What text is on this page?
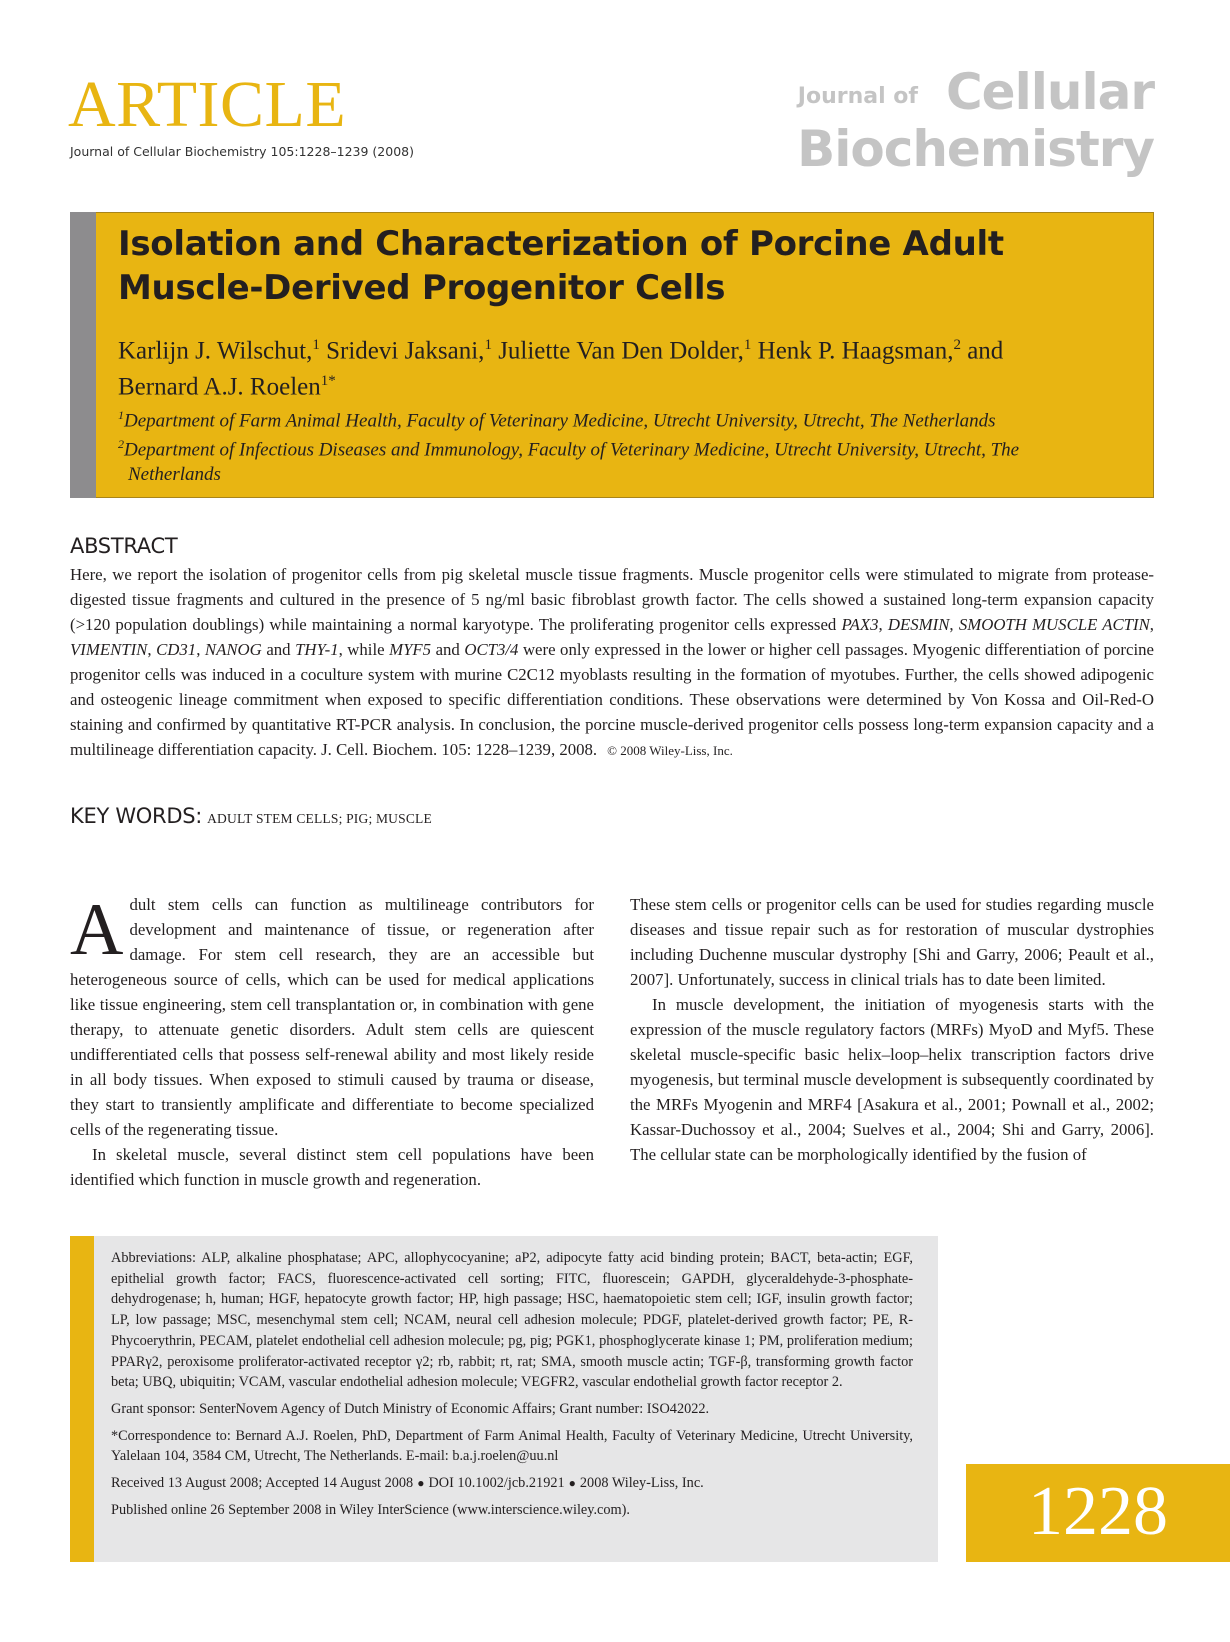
ARTICLE
Journal of Cellular Biochemistry 105:1228–1239 (2008)
Journal of Cellular
Biochemistry
Isolation and Characterization of Porcine Adult
Muscle-Derived Progenitor Cells
Karlijn J. Wilschut,$^1$ Sridevi Jaksani,$^1$ Juliette Van Den Dolder,$^1$ Henk P. Haagsman,$^2$ and
Bernard A.J. Roelen$^{1*}$
$^1$Department of Farm Animal Health, Faculty of Veterinary Medicine, Utrecht University, Utrecht, The Netherlands
$^2$Department of Infectious Diseases and Immunology, Faculty of Veterinary Medicine, Utrecht University, Utrecht, The
Netherlands
ABSTRACT
Here, we report the isolation of progenitor cells from pig skeletal muscle tissue fragments. Muscle progenitor cells were stimulated to migrate from protease-digested tissue fragments and cultured in the presence of 5 ng/ml basic fibroblast growth factor. The cells showed a sustained long-term expansion capacity (>120 population doublings) while maintaining a normal karyotype. The proliferating progenitor cells expressed PAX3, DESMIN, SMOOTH MUSCLE ACTIN, VIMENTIN, CD31, NANOG and THY-1, while MYF5 and OCT3/4 were only expressed in the lower or higher cell passages. Myogenic differentiation of porcine progenitor cells was induced in a coculture system with murine C2C12 myoblasts resulting in the formation of myotubes. Further, the cells showed adipogenic and osteogenic lineage commitment when exposed to specific differentiation conditions. These observations were determined by Von Kossa and Oil-Red-O staining and confirmed by quantitative RT-PCR analysis. In conclusion, the porcine muscle-derived progenitor cells possess long-term expansion capacity and a multilineage differentiation capacity. J. Cell. Biochem. 105: 1228–1239, 2008. © 2008 Wiley-Liss, Inc.
KEY WORDS: ADULT STEM CELLS; PIG; MUSCLE

Adult stem cells can function as multilineage contributors for development and maintenance of tissue, or regeneration after damage. For stem cell research, they are an accessible but heterogeneous source of cells, which can be used for medical applications like tissue engineering, stem cell transplantation or, in combination with gene therapy, to attenuate genetic disorders. Adult stem cells are quiescent undifferentiated cells that possess self-renewal ability and most likely reside in all body tissues. When exposed to stimuli caused by trauma or disease, they start to transiently amplificate and differentiate to become specialized cells of the regenerating tissue.

In skeletal muscle, several distinct stem cell populations have been identified which function in muscle growth and regeneration.

These stem cells or progenitor cells can be used for studies regarding muscle diseases and tissue repair such as for restoration of muscular dystrophies including Duchenne muscular dystrophy [Shi and Garry, 2006; Peault et al., 2007]. Unfortunately, success in clinical trials has to date been limited.

In muscle development, the initiation of myogenesis starts with the expression of the muscle regulatory factors (MRFs) MyoD and Myf5. These skeletal muscle-specific basic helix–loop–helix transcription factors drive myogenesis, but terminal muscle development is subsequently coordinated by the MRFs Myogenin and MRF4 [Asakura et al., 2001; Pownall et al., 2002; Kassar-Duchossoy et al., 2004; Suelves et al., 2004; Shi and Garry, 2006]. The cellular state can be morphologically identified by the fusion of

Abbreviations: ALP, alkaline phosphatase; APC, allophycocyanine; aP2, adipocyte fatty acid binding protein; BACT, beta-actin; EGF, epithelial growth factor; FACS, fluorescence-activated cell sorting; FITC, fluorescein; GAPDH, glyceraldehyde-3-phosphate-dehydrogenase; h, human; HGF, hepatocyte growth factor; HP, high passage; HSC, haematopoietic stem cell; IGF, insulin growth factor; LP, low passage; MSC, mesenchymal stem cell; NCAM, neural cell adhesion molecule; PDGF, platelet-derived growth factor; PE, R-Phycoerythrin, PECAM, platelet endothelial cell adhesion molecule; pg, pig; PGK1, phosphoglycerate kinase 1; PM, proliferation medium; PPARγ2, peroxisome proliferator-activated receptor γ2; rb, rabbit; rt, rat; SMA, smooth muscle actin; TGF-β, transforming growth factor beta; UBQ, ubiquitin; VCAM, vascular endothelial adhesion molecule; VEGFR2, vascular endothelial growth factor receptor 2.

Grant sponsor: SenterNovem Agency of Dutch Ministry of Economic Affairs; Grant number: ISO42022.

*Correspondence to: Bernard A.J. Roelen, PhD, Department of Farm Animal Health, Faculty of Veterinary Medicine, Utrecht University, Yalelaan 104, 3584 CM, Utrecht, The Netherlands. E-mail: b.a.j.roelen@uu.nl

Received 13 August 2008; Accepted 14 August 2008 ● DOI 10.1002/jcb.21921 ● 2008 Wiley-Liss, Inc.

Published online 26 September 2008 in Wiley InterScience (www.interscience.wiley.com).	1228
